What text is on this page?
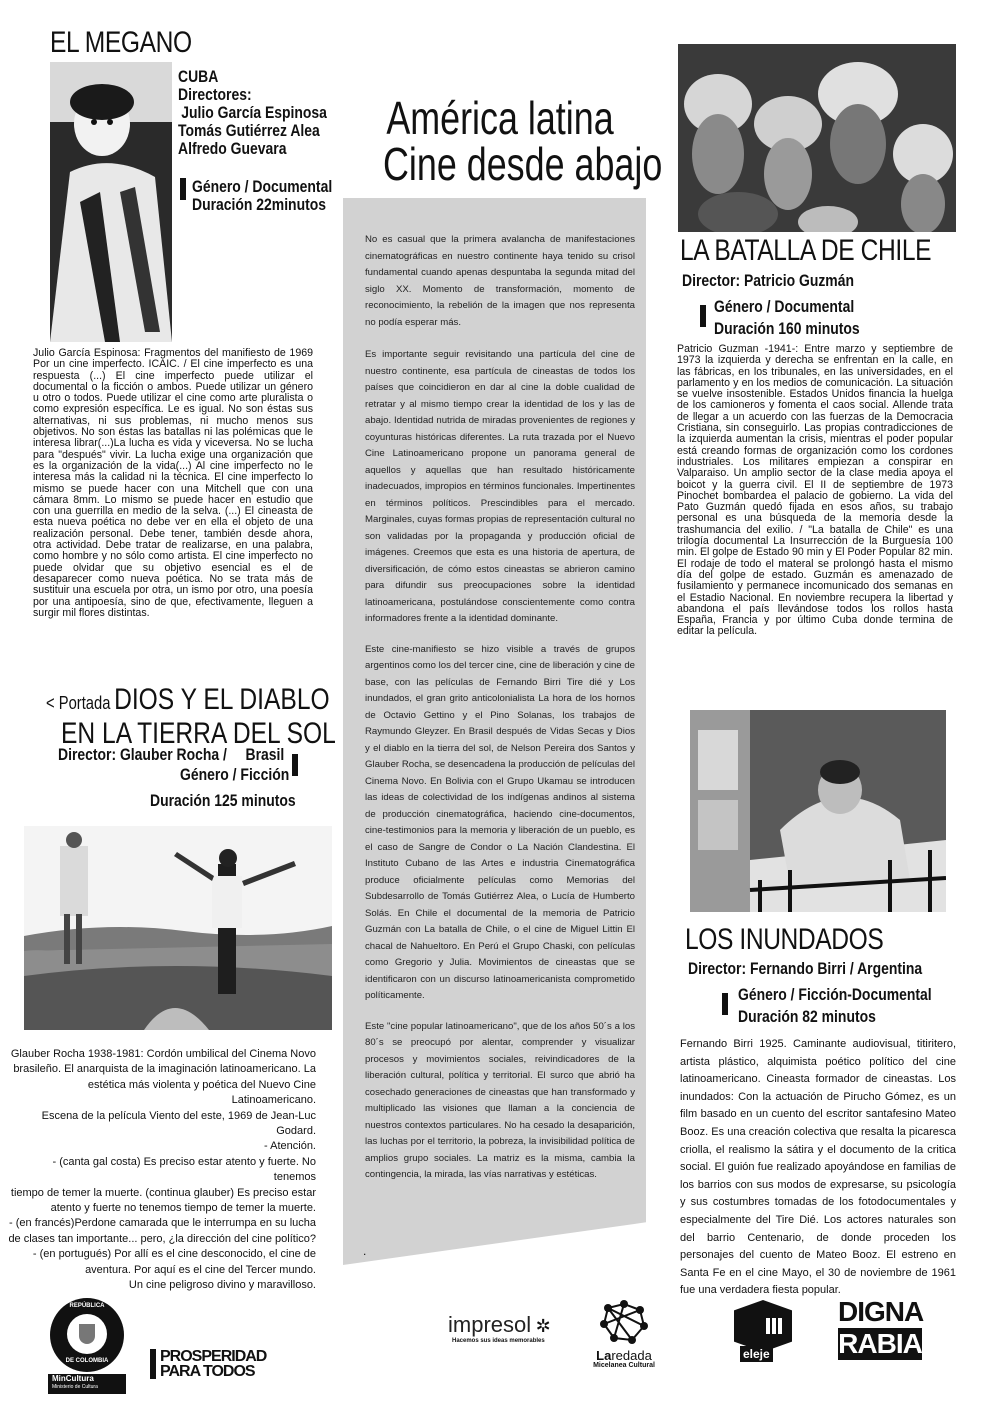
América latina
Cine desde abajo

No es casual que la primera avalancha de manifestaciones cinematográficas en nuestro continente haya tenido su crisol fundamental cuando apenas despuntaba la segunda mitad del siglo XX. Momento de transformación, momento de reconocimiento, la rebelión de la imagen que nos representa no podía esperar más.

Es importante seguir revisitando una partícula del cine de nuestro continente, esa partícula de cineastas de todos los países que coincidieron en dar al cine la doble cualidad de retratar y al mismo tiempo crear la identidad de los y las de abajo. Identidad nutrida de miradas provenientes de regiones y coyunturas históricas diferentes. La ruta trazada por el Nuevo Cine Latinoamericano propone un panorama general de aquellos y aquellas que han resultado históricamente inadecuados, impropios en términos funcionales. Impertinentes en términos políticos. Prescindibles para el mercado. Marginales, cuyas formas propias de representación cultural no son validadas por la propaganda y producción oficial de imágenes. Creemos que esta es una historia de apertura, de diversificación, de cómo estos cineastas se abrieron camino para difundir sus preocupaciones sobre la identidad latinoamericana, postulándose conscientemente como contra informadores frente a la identidad dominante.

Este cine-manifiesto se hizo visible a través de grupos argentinos como los del tercer cine, cine de liberación y cine de base, con las películas de Fernando Birri Tire dié y Los inundados, el gran grito anticolonialista La hora de los hornos de Octavio Gettino y el Pino Solanas, los trabajos de Raymundo Gleyzer. En Brasil después de Vidas Secas y Dios y el diablo en la tierra del sol, de Nelson Pereira dos Santos y Glauber Rocha, se desencadena la producción de películas del Cinema Novo. En Bolivia con el Grupo Ukamau se introducen las ideas de colectividad de los indígenas andinos al sistema de producción cinematográfica, haciendo cine-documentos, cine-testimonios para la memoria y liberación de un pueblo, es el caso de Sangre de Condor o La Nación Clandestina. El Instituto Cubano de las Artes e industria Cinematográfica produce oficialmente películas como Memorias del Subdesarrollo de Tomás Gutiérrez Alea, o Lucía de Humberto Solás. En Chile el documental de la memoria de Patricio Guzmán con La batalla de Chile, o el cine de Miguel Littin El chacal de Nahueltoro. En Perú el Grupo Chaski, con películas como Gregorio y Julia. Movimientos de cineastas que se identificaron con un discurso latinoamericanista comprometido políticamente.

Este "cine popular latinoamericano", que de los años 50´s a los 80´s se preocupó por alentar, comprender y visualizar procesos y movimientos sociales, reivindicadores de la liberación cultural, política y territorial. El surco que abrió ha cosechado generaciones de cineastas que han transformado y multiplicado las visiones que llaman a la conciencia de nuestros contextos particulares. No ha cesado la desaparición, las luchas por el territorio, la pobreza, la invisibilidad política de amplios grupo sociales. La matriz es la misma, cambia la contingencia, la mirada, las vías narrativas y estéticas.

.
EL MEGANO
CUBA
Directores:
Julio García Espinosa
Tomás Gutiérrez Alea
Alfredo Guevara
Género / Documental
Duración 22minutos
Julio García Espinosa: Fragmentos del manifiesto de 1969 Por un cine imperfecto. ICAIC. / El cine imperfecto es una respuesta (...) El cine imperfecto puede utilizar el documental o la ficción o ambos. Puede utilizar un género u otro o todos. Puede utilizar el cine como arte pluralista o como expresión específica. Le es igual. No son éstas sus alternativas, ni sus problemas, ni mucho menos sus objetivos. No son éstas las batallas ni las polémicas que le interesa librar(...)La lucha es vida y viceversa. No se lucha para "después" vivir. La lucha exige una organización que es la organización de la vida(...) Al cine imperfecto no le interesa más la calidad ni la técnica. El cine imperfecto lo mismo se puede hacer con una Mitchell que con una cámara 8mm. Lo mismo se puede hacer en estudio que con una guerrilla en medio de la selva. (...) El cineasta de esta nueva poética no debe ver en ella el objeto de una realización personal. Debe tener, también desde ahora, otra actividad. Debe tratar de realizarse, en una palabra, como hombre y no sólo como artista. El cine imperfecto no puede olvidar que su objetivo esencial es el de desaparecer como nueva poética. No se trata más de sustituir una escuela por otra, un ismo por otro, una poesía por una antipoesía, sino de que, efectivamente, lleguen a surgir mil flores distintas.
< Portada DIOS Y EL DIABLO
EN LA TIERRA DEL SOL
Director: Glauber Rocha / Brasil
Género / Ficción
Duración 125 minutos
Glauber Rocha 1938-1981: Cordón umbilical del Cinema Novo
brasileño. El anarquista de la imaginación latinoamericano. La
estética más violenta y poética del Nuevo Cine Latinoamericano.
Escena de la película Viento del este, 1969 de Jean-Luc Godard.
- Atención.
- (canta gal costa) Es preciso estar atento y fuerte. No tenemos
tiempo de temer la muerte. (continua glauber) Es preciso estar
atento y fuerte no tenemos tiempo de temer la muerte.
- (en francés)Perdone camarada que le interrumpa en su lucha
de clases tan importante... pero, ¿la dirección del cine político?
- (en portugués) Por allí es el cine desconocido, el cine de
aventura. Por aquí es el cine del Tercer mundo.
Un cine peligroso divino y maravilloso.
LA BATALLA DE CHILE
Director: Patricio Guzmán
Género / Documental
Duración 160 minutos
Patricio Guzman -1941-: Entre marzo y septiembre de 1973 la izquierda y derecha se enfrentan en la calle, en las fábricas, en los tribunales, en las universidades, en el parlamento y en los medios de comunicación. La situación se vuelve insostenible. Estados Unidos financia la huelga de los camioneros y fomenta el caos social. Allende trata de llegar a un acuerdo con las fuerzas de la Democracia Cristiana, sin conseguirlo. Las propias contradicciones de la izquierda aumentan la crisis, mientras el poder popular está creando formas de organización como los cordones industriales. Los militares empiezan a conspirar en Valparaiso. Un amplio sector de la clase media apoya el boicot y la guerra civil. El II de septiembre de 1973 Pinochet bombardea el palacio de gobierno. La vida del Pato Guzmán quedó fijada en esos años, su trabajo personal es una búsqueda de la memoria desde la trashumancia del exilio. / "La batalla de Chile" es una trilogía documental La Insurrección de la Burguesía 100 min. El golpe de Estado 90 min y El Poder Popular 82 min. El rodaje de todo el materal se prolongó hasta el mismo día del golpe de estado. Guzmán es amenazado de fusilamiento y permanece incomunicado dos semanas en el Estadio Nacional. En noviembre recupera la libertad y abandona el país llevándose todos los rollos hasta España, Francia y por último Cuba donde termina de editar la película.
LOS INUNDADOS
Director: Fernando Birri / Argentina
Género / Ficción-Documental
Duración 82 minutos
Fernando Birri 1925. Caminante audiovisual, titiritero, artista plástico, alquimista poético político del cine latinoamericano. Cineasta formador de cineastas. Los inundados: Con la actuación de Pirucho Gómez, es un film basado en un cuento del escritor santafesino Mateo Booz. Es una creación colectiva que resalta la picaresca criolla, el realismo la sátira y el documento de la critica social. El guión fue realizado apoyándose en familias de los barrios con sus modos de expresarse, su psicología y sus costumbres tomadas de los fotodocumentales y especialmente del Tire Dié. Los actores naturales son del barrio Centenario, de donde proceden los personajes del cuento de Mateo Booz. El estreno en Santa Fe en el cine Mayo, el 30 de noviembre de 1961 fue una verdadera fiesta popular.
REPÚBLICA
DE COLOMBIA
MinCultura
Ministerio de Cultura
PROSPERIDAD
PARA TODOS
impresol ✲
Hacemos sus ideas memorables
Laredada
Micelanea Cultural
eleje
DIGNA
RABIA
